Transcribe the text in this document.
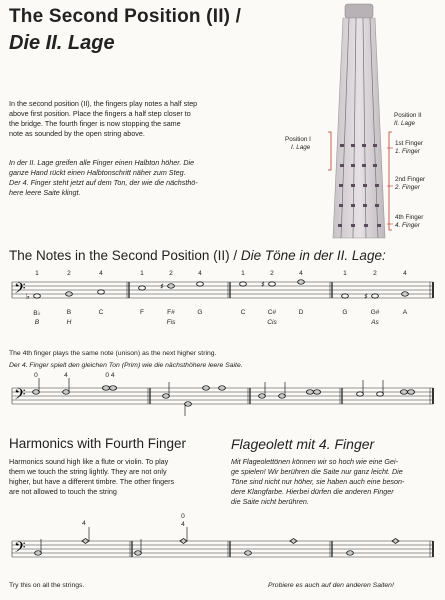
The Second Position (II) /
Die II. Lage
In the second position (II), the fingers play notes a half step
above first position. Place the fingers a half step closer to
the bridge. The fourth finger is now stopping the same
note as sounded by the open string above.
In der II. Lage greifen alle Finger einen Halbton höher. Die
ganze Hand rückt einen Halbtonschritt näher zum Steg.
Der 4. Finger steht jetzt auf dem Ton, der wie die nächsthö-
here leere Saite klingt.
Position II
II. Lage
Position I
I. Lage
1st Finger
1. Finger
2nd Finger
2. Finger
4th Finger
4. Finger
The Notes in the Second Position (II) / Die Töne in der II. Lage:
𝄢 ♭
♯	♯
♯
1
B♭
B
2
B
H
4
C
1
F
2
F#
Fis
4
G
1
C
2
C#
Cis
4
D
1
G
2
G#
As
4
A
The 4th finger plays the same note (unison) as the next higher string.
Der 4. Finger spielt den gleichen Ton (Prim) wie die nächsthöhere leere Saite.
𝄢
0	4	0 4
Harmonics with Fourth Finger	Flageolett mit 4. Finger
Harmonics sound high like a flute or violin. To play
them we touch the string lightly. They are not only
higher, but have a different timbre. The other fingers
are not allowed to touch the string
Mit Flageolettönen können wir so hoch wie eine Gei-
ge spielen! Wir berühren die Saite nur ganz leicht. Die
Töne sind nicht nur höher, sie haben auch eine beson-
dere Klangfarbe. Hierbei dürfen die anderen Finger
die Saite nicht berühren.
𝄢
4
0
4
Try this on all the strings.	Probiere es auch auf den anderen Saiten!
